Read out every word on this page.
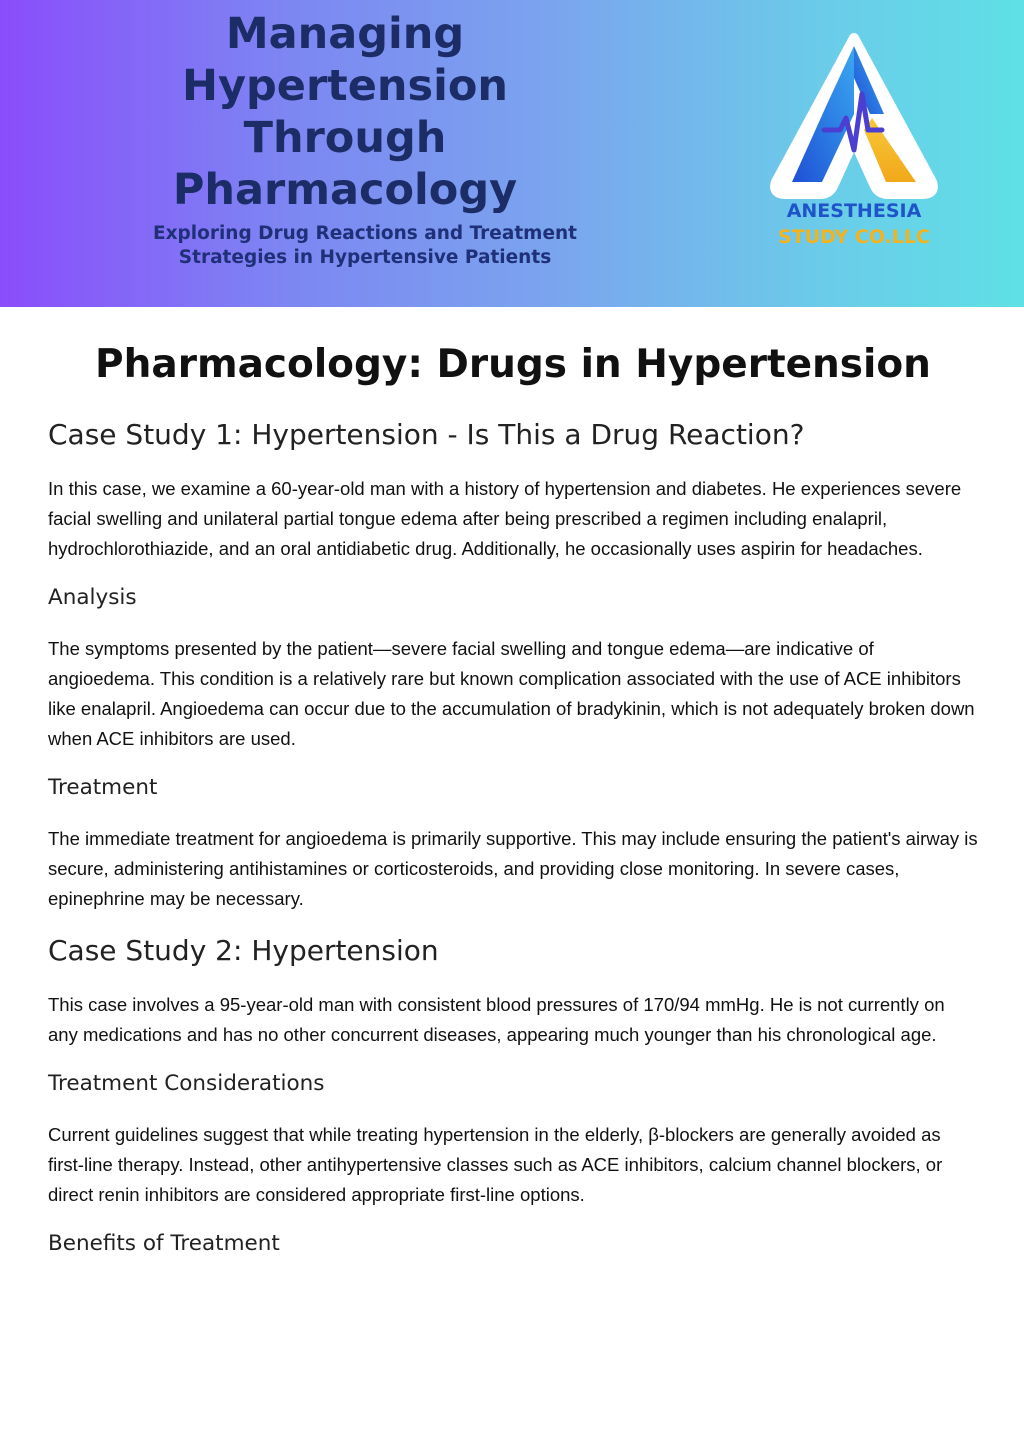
Managing Hypertension Through Pharmacology

Exploring Drug Reactions and Treatment Strategies in Hypertensive Patients

ANESTHESIA
STUDY CO.LLC
Pharmacology: Drugs in Hypertension
Case Study 1: Hypertension - Is This a Drug Reaction?

In this case, we examine a 60-year-old man with a history of hypertension and diabetes. He experiences severe facial swelling and unilateral partial tongue edema after being prescribed a regimen including enalapril, hydrochlorothiazide, and an oral antidiabetic drug. Additionally, he occasionally uses aspirin for headaches.

Analysis

The symptoms presented by the patient—severe facial swelling and tongue edema—are indicative of angioedema. This condition is a relatively rare but known complication associated with the use of ACE inhibitors like enalapril. Angioedema can occur due to the accumulation of bradykinin, which is not adequately broken down when ACE inhibitors are used.

Treatment

The immediate treatment for angioedema is primarily supportive. This may include ensuring the patient's airway is secure, administering antihistamines or corticosteroids, and providing close monitoring. In severe cases, epinephrine may be necessary.

Case Study 2: Hypertension

This case involves a 95-year-old man with consistent blood pressures of 170/94 mmHg. He is not currently on any medications and has no other concurrent diseases, appearing much younger than his chronological age.

Treatment Considerations

Current guidelines suggest that while treating hypertension in the elderly, β-blockers are generally avoided as first-line therapy. Instead, other antihypertensive classes such as ACE inhibitors, calcium channel blockers, or direct renin inhibitors are considered appropriate first-line options.

Benefits of Treatment
